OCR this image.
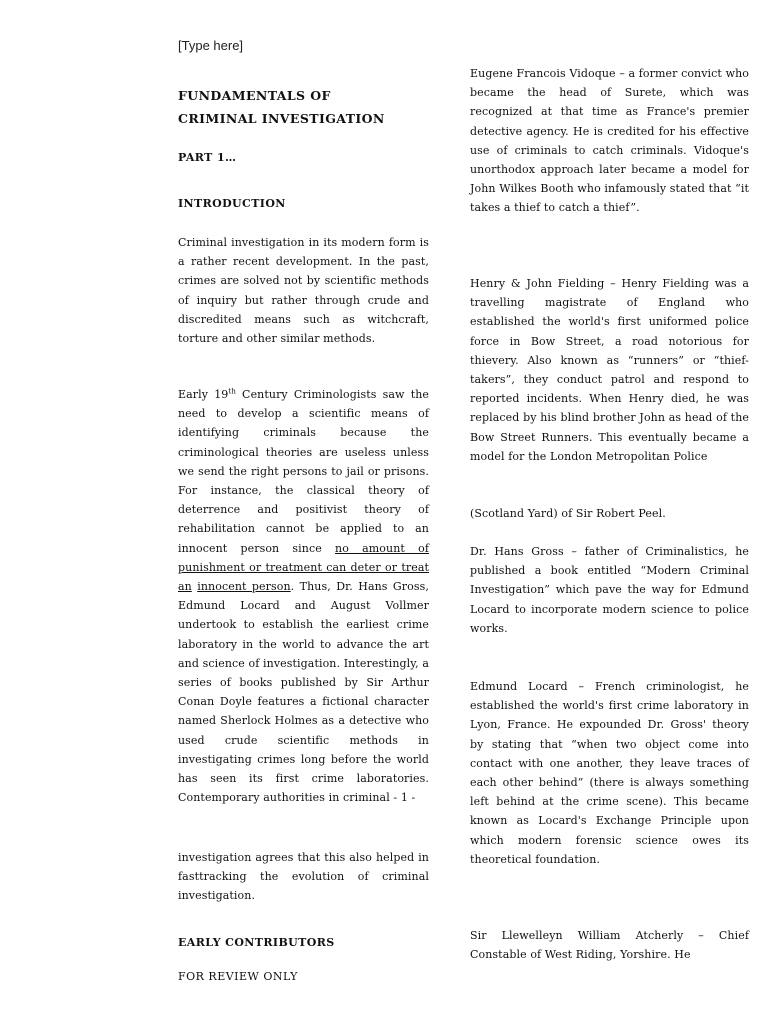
[Type here]
FUNDAMENTALS OF
CRIMINAL INVESTIGATION
PART 1…
INTRODUCTION

Criminal investigation in its modern form is a rather recent development. In the past, crimes are solved not by scientific methods of inquiry but rather through crude and discredited means such as witchcraft, torture and other similar methods.

Early 19th Century Criminologists saw the need to develop a scientific means of identifying criminals because the criminological theories are useless unless we send the right persons to jail or prisons. For instance, the classical theory of deterrence and positivist theory of rehabilitation cannot be applied to an innocent person since no amount of punishment or treatment can deter or treat an innocent person. Thus, Dr. Hans Gross, Edmund Locard and August Vollmer undertook to establish the earliest crime laboratory in the world to advance the art and science of investigation. Interestingly, a series of books published by Sir Arthur Conan Doyle features a fictional character named Sherlock Holmes as a detective who used crude scientific methods in investigating crimes long before the world has seen its first crime laboratories. Contemporary authorities in criminal - 1 -

investigation agrees that this also helped in fasttracking the evolution of criminal investigation.

EARLY CONTRIBUTORS
FOR REVIEW ONLY

Eugene Francois Vidoque – a former convict who became the head of Surete, which was recognized at that time as France's premier detective agency. He is credited for his effective use of criminals to catch criminals. Vidoque's unorthodox approach later became a model for John Wilkes Booth who infamously stated that “it takes a thief to catch a thief”.

Henry & John Fielding – Henry Fielding was a travelling magistrate of England who established the world's first uniformed police force in Bow Street, a road notorious for thievery. Also known as “runners” or “thief-takers”, they conduct patrol and respond to reported incidents. When Henry died, he was replaced by his blind brother John as head of the Bow Street Runners. This eventually became a model for the London Metropolitan Police

(Scotland Yard) of Sir Robert Peel.

Dr. Hans Gross – father of Criminalistics, he published a book entitled “Modern Criminal Investigation” which pave the way for Edmund Locard to incorporate modern science to police works.

Edmund Locard – French criminologist, he established the world's first crime laboratory in Lyon, France. He expounded Dr. Gross' theory by stating that “when two object come into contact with one another, they leave traces of each other behind” (there is always something left behind at the crime scene). This became known as Locard's Exchange Principle upon which modern forensic science owes its theoretical foundation.

Sir Llewelleyn William Atcherly – Chief Constable of West Riding, Yorshire. He
